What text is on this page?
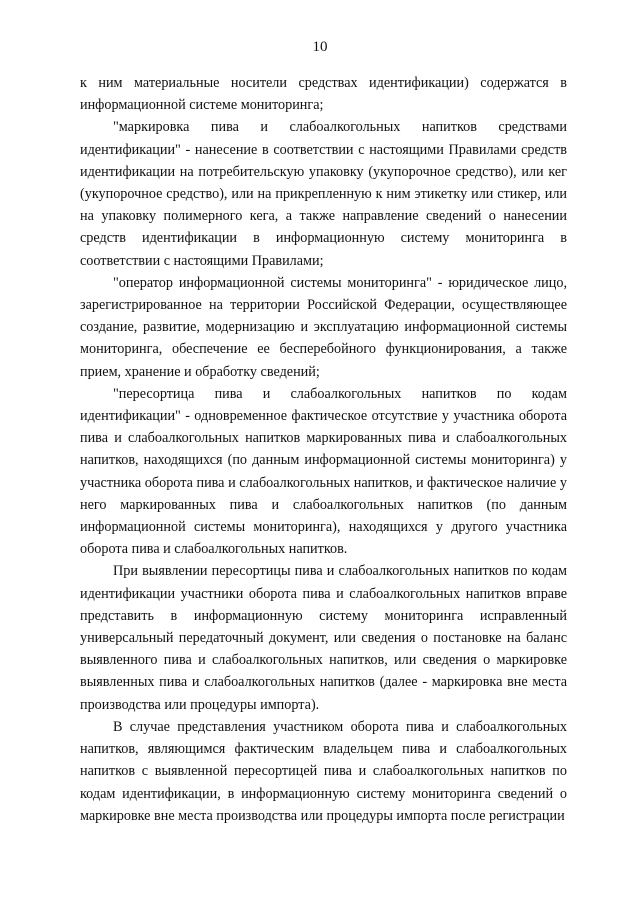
10

к ним материальные носители средствах идентификации) содержатся в информационной системе мониторинга;

"маркировка пива и слабоалкогольных напитков средствами идентификации" - нанесение в соответствии с настоящими Правилами средств идентификации на потребительскую упаковку (укупорочное средство), или кег (укупорочное средство), или на прикрепленную к ним этикетку или стикер, или на упаковку полимерного кега, а также направление сведений о нанесении средств идентификации в информационную систему мониторинга в соответствии с настоящими Правилами;

"оператор информационной системы мониторинга" - юридическое лицо, зарегистрированное на территории Российской Федерации, осуществляющее создание, развитие, модернизацию и эксплуатацию информационной системы мониторинга, обеспечение ее бесперебойного функционирования, а также прием, хранение и обработку сведений;

"пересортица пива и слабоалкогольных напитков по кодам идентификации" - одновременное фактическое отсутствие у участника оборота пива и слабоалкогольных напитков маркированных пива и слабоалкогольных напитков, находящихся (по данным информационной системы мониторинга) у участника оборота пива и слабоалкогольных напитков, и фактическое наличие у него маркированных пива и слабоалкогольных напитков (по данным информационной системы мониторинга), находящихся у другого участника оборота пива и слабоалкогольных напитков.

При выявлении пересортицы пива и слабоалкогольных напитков по кодам идентификации участники оборота пива и слабоалкогольных напитков вправе представить в информационную систему мониторинга исправленный универсальный передаточный документ, или сведения о постановке на баланс выявленного пива и слабоалкогольных напитков, или сведения о маркировке выявленных пива и слабоалкогольных напитков (далее - маркировка вне места производства или процедуры импорта).

В случае представления участником оборота пива и слабоалкогольных напитков, являющимся фактическим владельцем пива и слабоалкогольных напитков с выявленной пересортицей пива и слабоалкогольных напитков по кодам идентификации, в информационную систему мониторинга сведений о маркировке вне места производства или процедуры импорта после регистрации
